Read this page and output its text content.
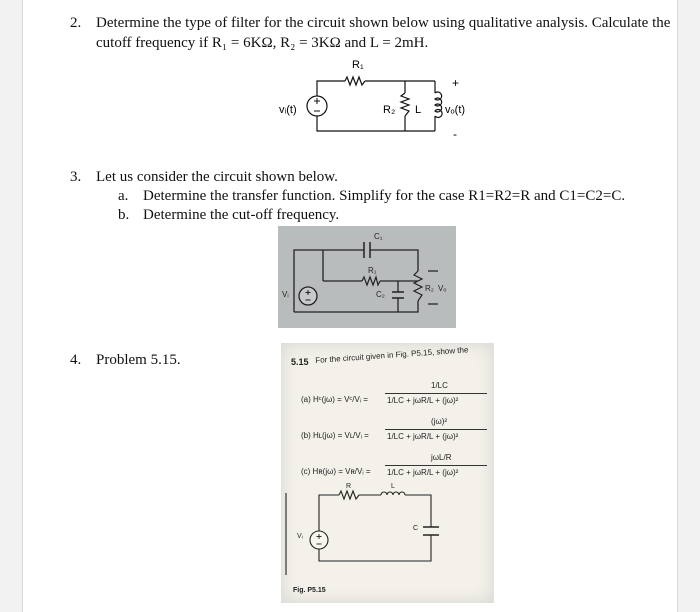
2. Determine the type of filter for the circuit shown below using qualitative analysis. Calculate the
cutoff frequency if R₁ = 6KΩ, R₂ = 3KΩ and L = 2mH.
R₁
vᵢ(t)	R₂ L vₒ(t)
+
-
3. Let us consider the circuit shown below.
a. Determine the transfer function. Simplify for the case R1=R2=R and C1=C2=C.
b. Determine the cut-off frequency.
C₁
R₁
C₂
R₂
Vᵢ
Vₒ
4. Problem 5.15.	5.15 For the circuit given in Fig. P5.15, show the
(a) Hᶜ(jω) = Vᶜ/Vᵢ =
1/LC
1/LC + jωR/L + (jω)²
(b) Hʟ(jω) = Vʟ/Vᵢ =
(jω)²
1/LC + jωR/L + (jω)²
(c) Hʀ(jω) = Vʀ/Vᵢ =
jωL/R
1/LC + jωR/L + (jω)²
R	L
C
Vᵢ
Fig. P5.15
